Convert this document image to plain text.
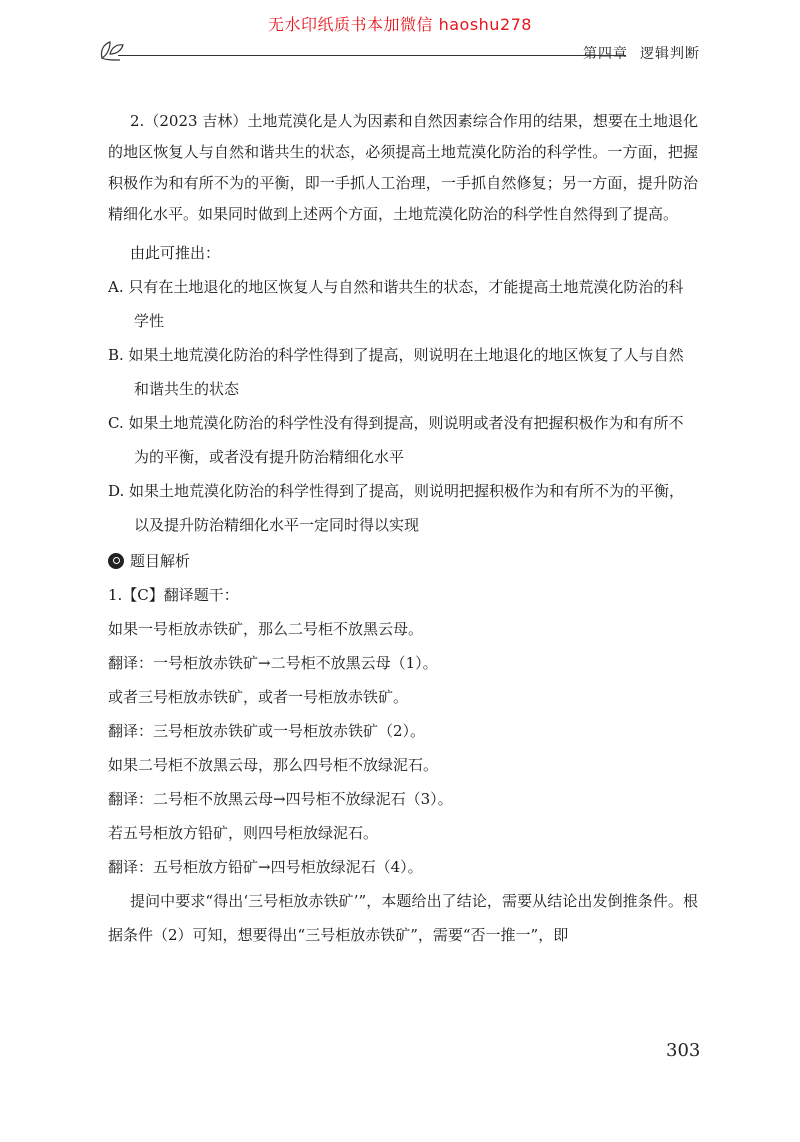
无水印纸质书本加微信 haoshu278
第四章 逻辑判断

2.（2023 吉林）土地荒漠化是人为因素和自然因素综合作用的结果，想要在土地退化的地区恢复人与自然和谐共生的状态，必须提高土地荒漠化防治的科学性。一方面，把握积极作为和有所不为的平衡，即一手抓人工治理，一手抓自然修复；另一方面，提升防治精细化水平。如果同时做到上述两个方面，土地荒漠化防治的科学性自然得到了提高。

由此可推出：

A. 只有在土地退化的地区恢复人与自然和谐共生的状态，才能提高土地荒漠化防治的科学性

B. 如果土地荒漠化防治的科学性得到了提高，则说明在土地退化的地区恢复了人与自然和谐共生的状态

C. 如果土地荒漠化防治的科学性没有得到提高，则说明或者没有把握积极作为和有所不为的平衡，或者没有提升防治精细化水平

D. 如果土地荒漠化防治的科学性得到了提高，则说明把握积极作为和有所不为的平衡，以及提升防治精细化水平一定同时得以实现

题目解析

1.【C】翻译题干：

如果一号柜放赤铁矿，那么二号柜不放黑云母。

翻译：一号柜放赤铁矿→二号柜不放黑云母（1）。

或者三号柜放赤铁矿，或者一号柜放赤铁矿。

翻译：三号柜放赤铁矿或一号柜放赤铁矿（2）。

如果二号柜不放黑云母，那么四号柜不放绿泥石。

翻译：二号柜不放黑云母→四号柜不放绿泥石（3）。

若五号柜放方铅矿，则四号柜放绿泥石。

翻译：五号柜放方铅矿→四号柜放绿泥石（4）。

提问中要求“得出‘三号柜放赤铁矿’”，本题给出了结论，需要从结论出发倒推条件。根据条件（2）可知，想要得出“三号柜放赤铁矿”，需要“否一推一”，即

303
